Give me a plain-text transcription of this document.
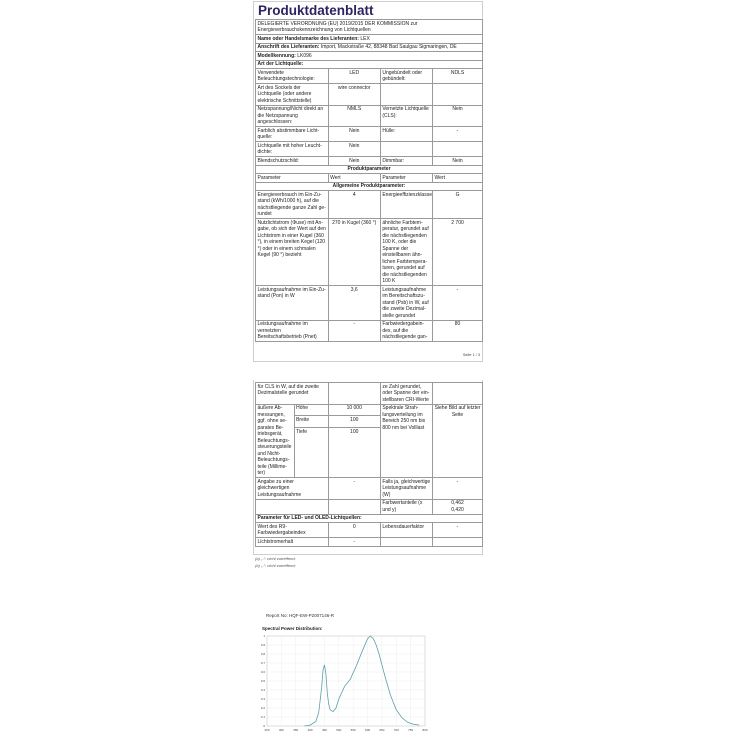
Produktdatenblatt
DELEGIERTE VERORDNUNG (EU) 2019/2015 DER KOMMISSION zur Energieverbrauchskennzeichnung von Lichtquellen			
Name oder Handelsmarke des Lieferanten: LEX			
Anschrift des Lieferanten: Import, Mackstraße 42, 88348 Bad Saulgau Sigmaringen, DE			
Modellkennung: LK096			
Art der Lichtquelle:			
Verwendete Beleuchtungstechnologie:	LED	Ungebündelt oder gebündelt:	NDLS
Art des Sockels der Lichtquelle (oder andere elektrische Schnittstelle)	wire connector		
Netzspannung/Nicht direkt an die Netzspannung angeschlossen:	NMLS	Vernetzte Lichtquelle (CLS):	Nein
Farblich abstimmbare Lichtquelle:	Nein	Hülle:	-
Lichtquelle mit hoher Leuchtdichte:	Nein		
Blendschutzschild:	Nein	Dimmbar:	Nein
Produktparameter			
Parameter	Wert	Parameter	Wert
Allgemeine Produktparameter:			
Energieverbrauch im Ein-Zustand (kWh/1000 h), auf die nächstliegende ganze Zahl gerundet	4	Energieeffizienzklasse	G
Nutzlichtstrom (Φuse) mit Angabe, ob sich der Wert auf den Lichtstrom in einer Kugel (360 °), in einem breiten Kegel (120 °) oder in einem schmalen Kegel (90 °) bezieht	270 in Kugel (360 °)	ähnliche Farbtemperatur, gerundet auf die nächstliegenden 100 K, oder die Spanne der einstellbaren ähnlichen Farbtemperaturen, gerundet auf die nächstliegenden 100 K	2 700
Leistungsaufnahme im Ein-Zustand (Pon) in W	3,6	Leistungsaufnahme im Bereitschaftszustand (Psb) in W, auf die zweite Dezimalstelle gerundet	-
Leistungsaufnahme im vernetzten Bereitschaftsbetrieb (Pnet)	-	Farbwiedergabeindex, auf die nächstliegende gan-	80
Seite 1 / 3
für CLS in W, auf die zweite Dezimalstelle gerundet			ze Zahl gerundet, oder Spanne der einstellbaren CRI-Werte	
äußere Abmessungen, ggf. ohne separates Betriebsgerät, Beleuchtungssteuerungsteile und Nicht-Beleuchtungsteile (Millimeter)	Höhe	10 000	Spektrale Strahlungsverteilung im Bereich 250 nm bis 800 nm bei Volllast	Siehe Bild auf letzter Seite
	Breite	100		
	Tiefe	100		
Angabe zu einer gleichwertigen Leistungsaufnahme		-	Falls ja, gleichwertige Leistungsaufnahme (W)	-
			Farbwertanteile (x und y)	0,462
0,420
Parameter für LED- und OLED-Lichtquellen:				
Wert des R9-Farbwiedergabeindex		0	Lebensdauerfaktor	-
Lichtstromerhalt		-		
(a) „-“: nicht zutreffend;
(b) „-“: nicht zutreffend;
Report No: HQF-EW-P2007146-R
Spectral Power Distribution:
0
0.1
0.2
0.3
0.4
0.5
0.6
0.7
0.8
0.9
1
250	300	350	400	450	500	550	600	650	700	750	800
